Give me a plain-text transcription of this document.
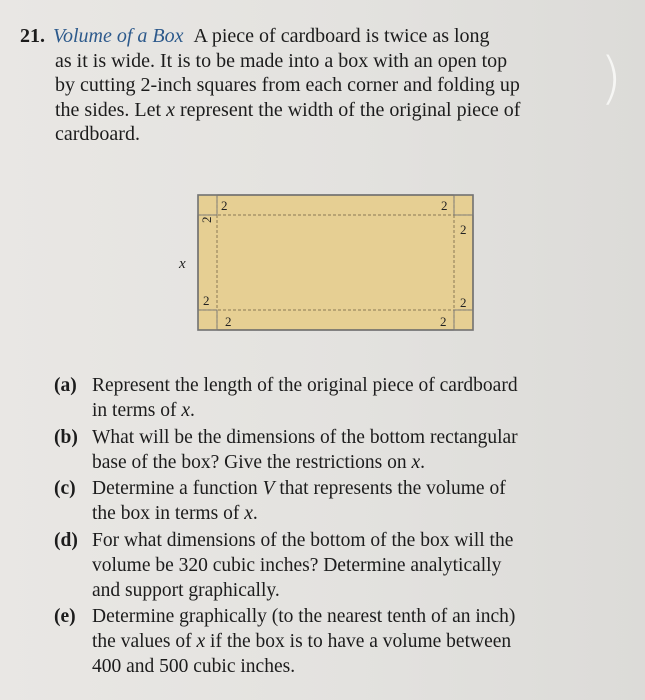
21. Volume of a Box A piece of cardboard is twice as long
as it is wide. It is to be made into a box with an open top
by cutting 2-inch squares from each corner and folding up
the sides. Let x represent the width of the original piece of
cardboard.
)
x
2
2
2
2
2
2
2
2
(a) Represent the length of the original piece of cardboard
in terms of x.
(b) What will be the dimensions of the bottom rectangular
base of the box? Give the restrictions on x.
(c) Determine a function V that represents the volume of
the box in terms of x.
(d) For what dimensions of the bottom of the box will the
volume be 320 cubic inches? Determine analytically
and support graphically.
(e) Determine graphically (to the nearest tenth of an inch)
the values of x if the box is to have a volume between
400 and 500 cubic inches.
